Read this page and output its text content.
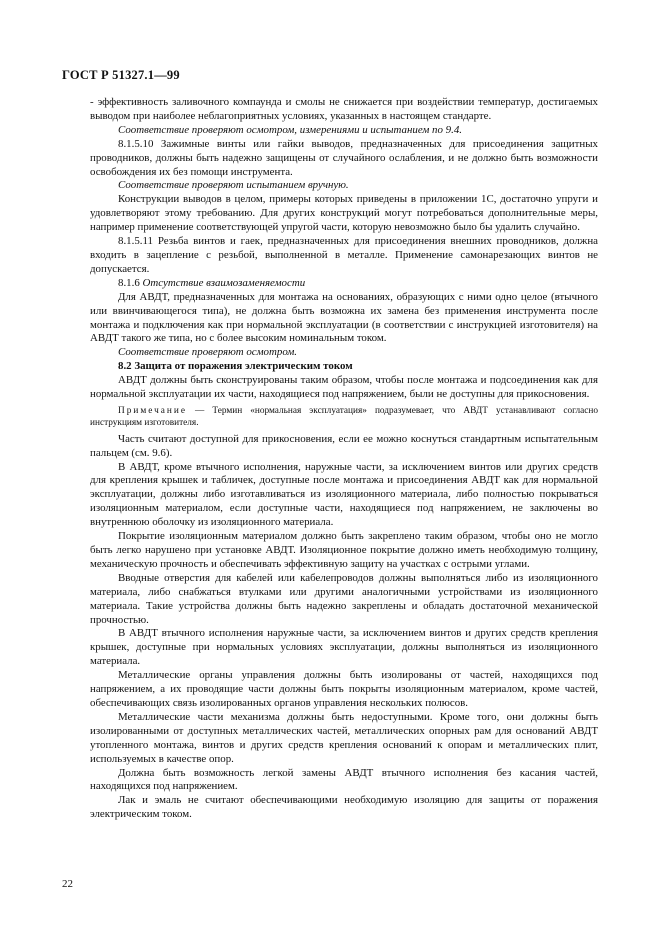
ГОСТ Р 51327.1—99

- эффективность заливочного компаунда и смолы не снижается при воздействии температур, достигаемых выводом при наиболее неблагоприятных условиях, указанных в настоящем стандарте.

Соответствие проверяют осмотром, измерениями и испытанием по 9.4.

8.1.5.10 Зажимные винты или гайки выводов, предназначенных для присоединения защитных проводников, должны быть надежно защищены от случайного ослабления, и не должно быть возможности освобождения их без помощи инструмента.

Соответствие проверяют испытанием вручную.

Конструкции выводов в целом, примеры которых приведены в приложении 1С, достаточно упруги и удовлетворяют этому требованию. Для других конструкций могут потребоваться дополнительные меры, например применение соответствующей упругой части, которую невозможно было бы удалить случайно.

8.1.5.11 Резьба винтов и гаек, предназначенных для присоединения внешних проводников, должна входить в зацепление с резьбой, выполненной в металле. Применение самонарезающих винтов не допускается.

8.1.6 Отсутствие взаимозаменяемости

Для АВДТ, предназначенных для монтажа на основаниях, образующих с ними одно целое (втычного или ввинчивающегося типа), не должна быть возможна их замена без применения инструмента после монтажа и подключения как при нормальной эксплуатации (в соответствии с инструкцией изготовителя) на АВДТ такого же типа, но с более высоким номинальным током.

Соответствие проверяют осмотром.

8.2 Защита от поражения электрическим током

АВДТ должны быть сконструированы таким образом, чтобы после монтажа и подсоединения как для нормальной эксплуатации их части, находящиеся под напряжением, были не доступны для прикосновения.

Примечание — Термин «нормальная эксплуатация» подразумевает, что АВДТ устанавливают согласно инструкциям изготовителя.

Часть считают доступной для прикосновения, если ее можно коснуться стандартным испытательным пальцем (см. 9.6).

В АВДТ, кроме втычного исполнения, наружные части, за исключением винтов или других средств для крепления крышек и табличек, доступные после монтажа и присоединения АВДТ как для нормальной эксплуатации, должны либо изготавливаться из изоляционного материала, либо полностью покрываться изоляционным материалом, если доступные части, находящиеся под напряжением, не заключены во внутреннюю оболочку из изоляционного материала.

Покрытие изоляционным материалом должно быть закреплено таким образом, чтобы оно не могло быть легко нарушено при установке АВДТ. Изоляционное покрытие должно иметь необходимую толщину, механическую прочность и обеспечивать эффективную защиту на участках с острыми углами.

Вводные отверстия для кабелей или кабелепроводов должны выполняться либо из изоляционного материала, либо снабжаться втулками или другими аналогичными устройствами из изоляционного материала. Такие устройства должны быть надежно закреплены и обладать достаточной механической прочностью.

В АВДТ втычного исполнения наружные части, за исключением винтов и других средств крепления крышек, доступные при нормальных условиях эксплуатации, должны выполняться из изоляционного материала.

Металлические органы управления должны быть изолированы от частей, находящихся под напряжением, а их проводящие части должны быть покрыты изоляционным материалом, кроме частей, обеспечивающих связь изолированных органов управления нескольких полюсов.

Металлические части механизма должны быть недоступными. Кроме того, они должны быть изолированными от доступных металлических частей, металлических опорных рам для оснований АВДТ утопленного монтажа, винтов и других средств крепления оснований к опорам и металлических плит, используемых в качестве опор.

Должна быть возможность легкой замены АВДТ втычного исполнения без касания частей, находящихся под напряжением.

Лак и эмаль не считают обеспечивающими необходимую изоляцию для защиты от поражения электрическим током.

22
